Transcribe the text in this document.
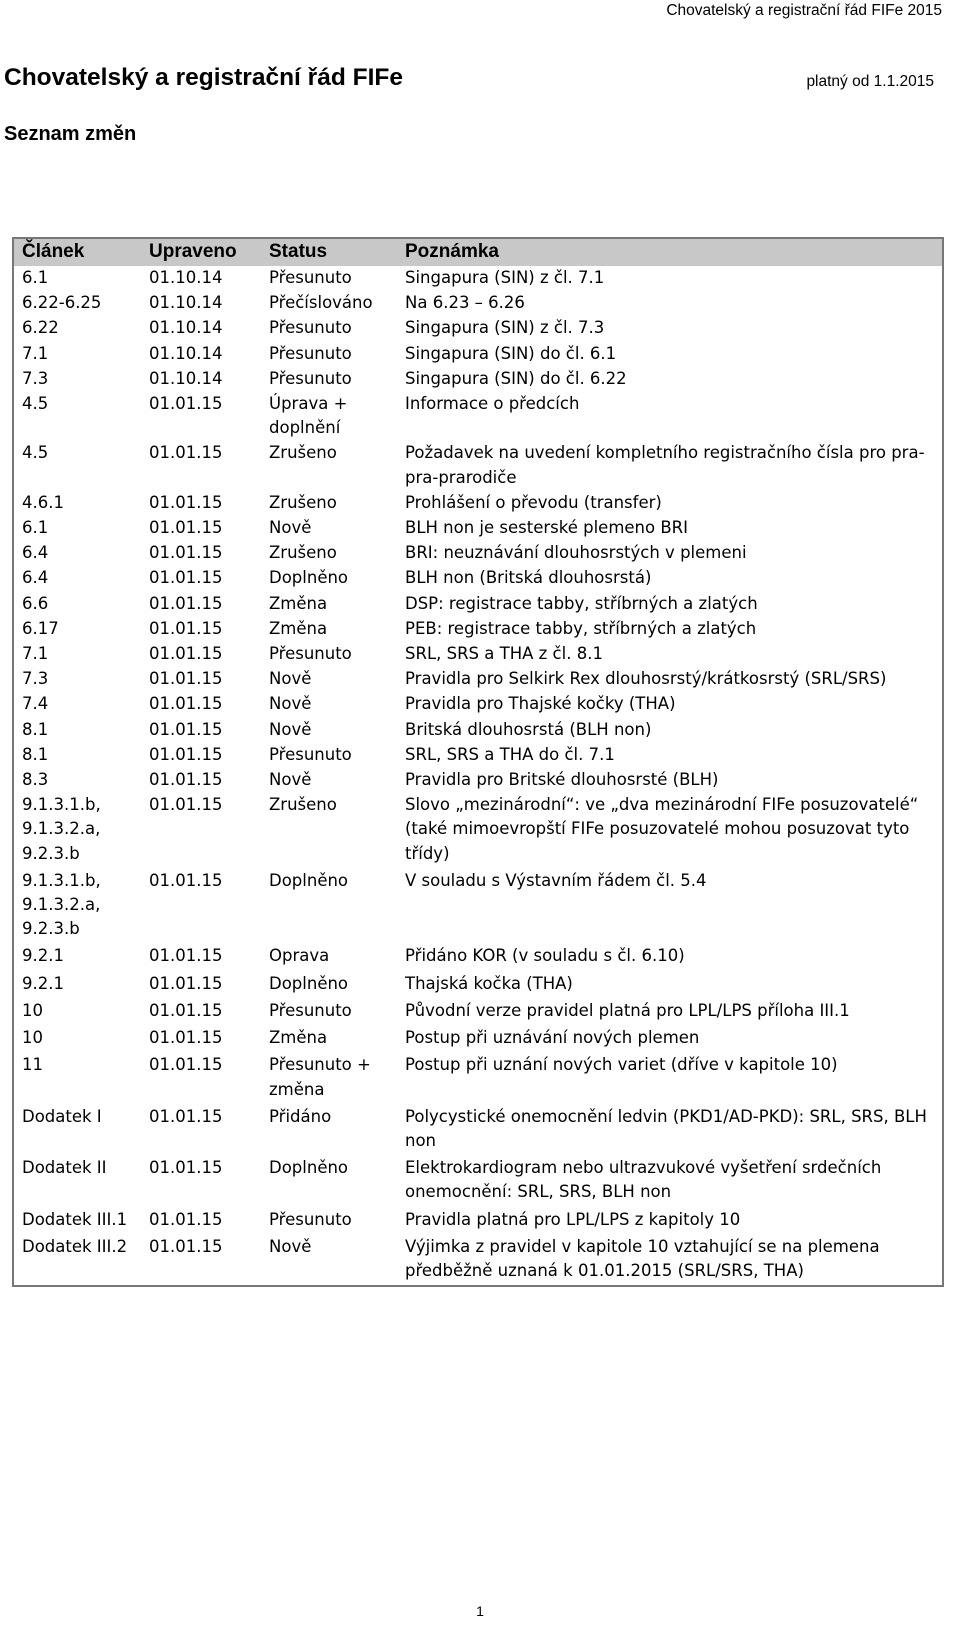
Chovatelský a registrační řád FIFe 2015
Chovatelský a registrační řád FIFe	platný od 1.1.2015
Seznam změn
Článek	Upraveno	Status	Poznámka
6.1	01.10.14	Přesunuto	Singapura (SIN) z čl. 7.1
6.22-6.25	01.10.14	Přečíslováno	Na 6.23 – 6.26
6.22	01.10.14	Přesunuto	Singapura (SIN) z čl. 7.3
7.1	01.10.14	Přesunuto	Singapura (SIN) do čl. 6.1
7.3	01.10.14	Přesunuto	Singapura (SIN) do čl. 6.22
4.5	01.01.15	Úprava + doplnění	Informace o předcích
4.5	01.01.15	Zrušeno	Požadavek na uvedení kompletního registračního čísla pro pra-pra-prarodiče
4.6.1	01.01.15	Zrušeno	Prohlášení o převodu (transfer)
6.1	01.01.15	Nově	BLH non je sesterské plemeno BRI
6.4	01.01.15	Zrušeno	BRI: neuznávání dlouhosrstých v plemeni
6.4	01.01.15	Doplněno	BLH non (Britská dlouhosrstá)
6.6	01.01.15	Změna	DSP: registrace tabby, stříbrných a zlatých
6.17	01.01.15	Změna	PEB: registrace tabby, stříbrných a zlatých
7.1	01.01.15	Přesunuto	SRL, SRS a THA z čl. 8.1
7.3	01.01.15	Nově	Pravidla pro Selkirk Rex dlouhosrstý/krátkosrstý (SRL/SRS)
7.4	01.01.15	Nově	Pravidla pro Thajské kočky (THA)
8.1	01.01.15	Nově	Britská dlouhosrstá (BLH non)
8.1	01.01.15	Přesunuto	SRL, SRS a THA do čl. 7.1
8.3	01.01.15	Nově	Pravidla pro Britské dlouhosrsté (BLH)
9.1.3.1.b, 9.1.3.2.a, 9.2.3.b	01.01.15	Zrušeno	Slovo „mezinárodní“: ve „dva mezinárodní FIFe posuzovatelé“ (také mimoevropští FIFe posuzovatelé mohou posuzovat tyto třídy)
9.1.3.1.b, 9.1.3.2.a, 9.2.3.b	01.01.15	Doplněno	V souladu s Výstavním řádem čl. 5.4
9.2.1	01.01.15	Oprava	Přidáno KOR (v souladu s čl. 6.10)
9.2.1	01.01.15	Doplněno	Thajská kočka (THA)
10	01.01.15	Přesunuto	Původní verze pravidel platná pro LPL/LPS příloha III.1
10	01.01.15	Změna	Postup při uznávání nových plemen
11	01.01.15	Přesunuto + změna	Postup při uznání nových variet (dříve v kapitole 10)
Dodatek I	01.01.15	Přidáno	Polycystické onemocnění ledvin (PKD1/AD-PKD): SRL, SRS, BLH non
Dodatek II	01.01.15	Doplněno	Elektrokardiogram nebo ultrazvukové vyšetření srdečních onemocnění: SRL, SRS, BLH non
Dodatek III.1	01.01.15	Přesunuto	Pravidla platná pro LPL/LPS z kapitoly 10
Dodatek III.2	01.01.15	Nově	Výjimka z pravidel v kapitole 10 vztahující se na plemena předběžně uznaná k 01.01.2015 (SRL/SRS, THA)
1
